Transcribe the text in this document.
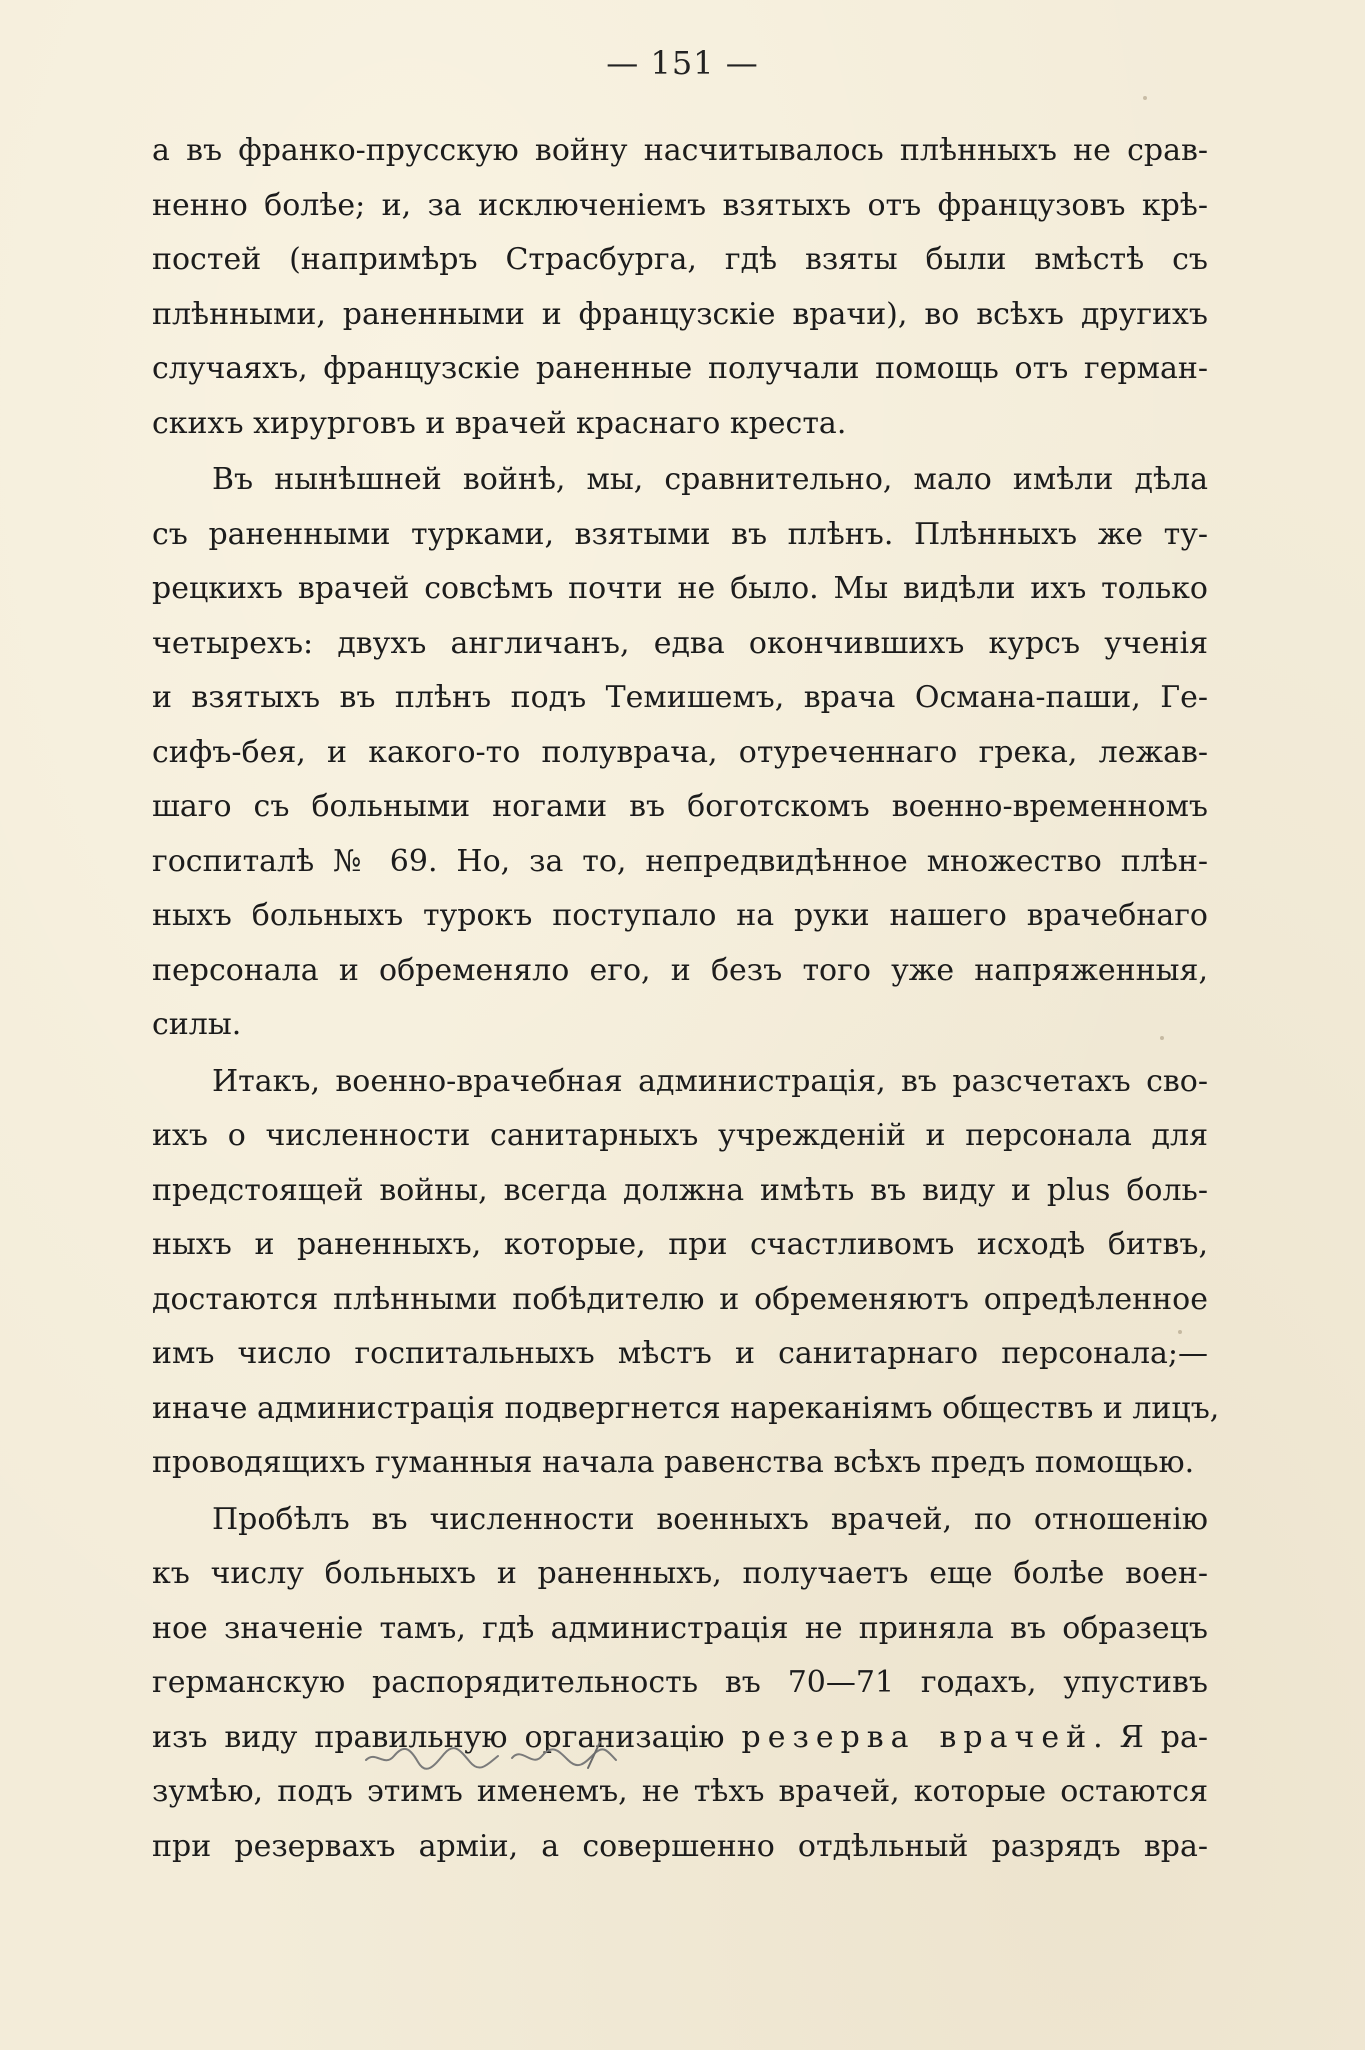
— 151 —
а въ франко-прусскую войну насчитывалось плѣнныхъ не срав-
ненно болѣе; и, за исключеніемъ взятыхъ отъ французовъ крѣ-
постей (напримѣръ Страсбурга, гдѣ взяты были вмѣстѣ съ
плѣнными, раненными и французскіе врачи), во всѣхъ другихъ
случаяхъ, французскіе раненные получали помощь отъ герман-
скихъ хирурговъ и врачей краснаго креста.
Въ нынѣшней войнѣ, мы, сравнительно, мало имѣли дѣла
съ раненными турками, взятыми въ плѣнъ. Плѣнныхъ же ту-
рецкихъ врачей совсѣмъ почти не было. Мы видѣли ихъ только
четырехъ: двухъ англичанъ, едва окончившихъ курсъ ученія
и взятыхъ въ плѣнъ подъ Темишемъ, врача Османа-паши, Ге-
сифъ-бея, и какого-то полуврача, отуреченнаго грека, лежав-
шаго съ больными ногами въ боготскомъ военно-временномъ
госпиталѣ № 69. Но, за то, непредвидѣнное множество плѣн-
ныхъ больныхъ турокъ поступало на руки нашего врачебнаго
персонала и обременяло его, и безъ того уже напряженныя,
силы.
Итакъ, военно-врачебная администрація, въ разсчетахъ сво-
ихъ о численности санитарныхъ учрежденій и персонала для
предстоящей войны, всегда должна имѣть въ виду и plus боль-
ныхъ и раненныхъ, которые, при счастливомъ исходѣ битвъ,
достаются плѣнными побѣдителю и обременяютъ опредѣленное
имъ число госпитальныхъ мѣстъ и санитарнаго персонала;—
иначе администрація подвергнется нареканіямъ обществъ и лицъ,
проводящихъ гуманныя начала равенства всѣхъ предъ помощью.
Пробѣлъ въ численности военныхъ врачей, по отношенію
къ числу больныхъ и раненныхъ, получаетъ еще болѣе воен-
ное значеніе тамъ, гдѣ администрація не приняла въ образецъ
германскую распорядительность въ 70—71 годахъ, упустивъ
изъ виду правильную организацію резерва врачей. Я ра-
зумѣю, подъ этимъ именемъ, не тѣхъ врачей, которые остаются
при резервахъ арміи, а совершенно отдѣльный разрядъ вра-
